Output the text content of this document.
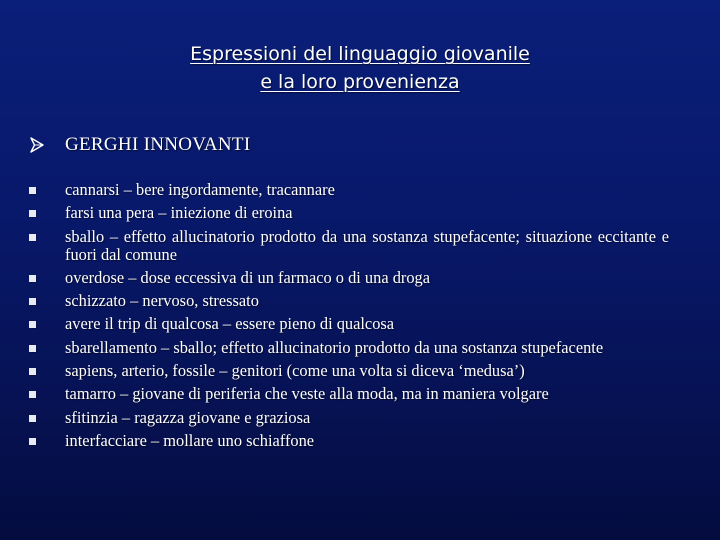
Espressioni del linguaggio giovanile
e la loro provenienza
GERGHI INNOVANTI
cannarsi – bere ingordamente, tracannare
farsi una pera – iniezione di eroina
sballo – effetto allucinatorio prodotto da una sostanza stupefacente; situazione eccitante e fuori dal comune
overdose – dose eccessiva di un farmaco o di una droga
schizzato – nervoso, stressato
avere il trip di qualcosa – essere pieno di qualcosa
sbarellamento – sballo; effetto allucinatorio prodotto da una sostanza stupefacente
sapiens, arterio, fossile – genitori (come una volta si diceva ‘medusa’)
tamarro – giovane di periferia che veste alla moda, ma in maniera volgare
sfitinzia – ragazza giovane e graziosa
interfacciare – mollare uno schiaffone
